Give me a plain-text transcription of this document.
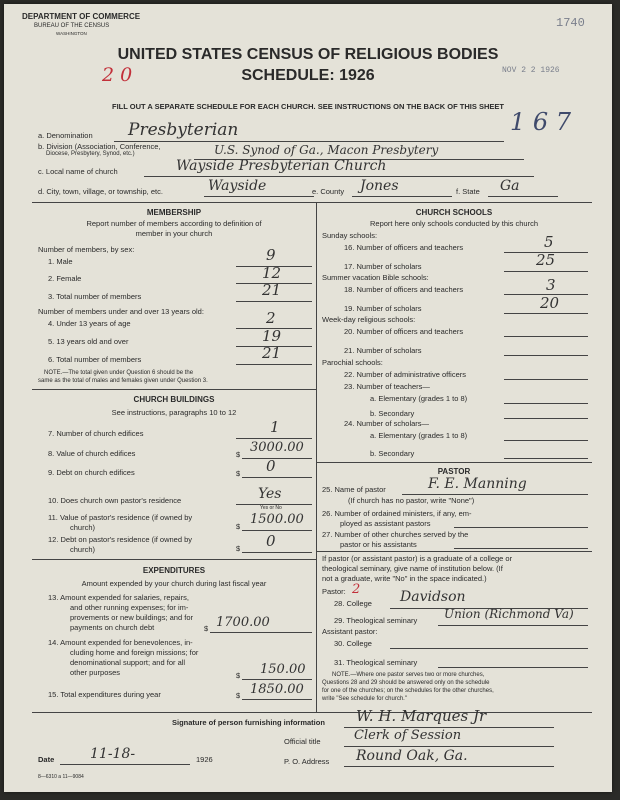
DEPARTMENT OF COMMERCE
BUREAU OF THE CENSUS
WASHINGTON
1740
UNITED STATES CENSUS OF RELIGIOUS BODIES
SCHEDULE: 1926
2 0	NOV 2 2 1926
FILL OUT A SEPARATE SCHEDULE FOR EACH CHURCH. SEE INSTRUCTIONS ON THE BACK OF THIS SHEET
1 6 7
a. Denomination Presbyterian
b. Division (Association, Conference,
Diocese, Presbytery, Synod, etc.)	U.S. Synod of Ga., Macon Presbytery
c. Local name of church	Wayside Presbyterian Church
d. City, town, village, or township, etc.	Wayside	e. County Jones	f. State Ga
MEMBERSHIP
Report number of members according to definition of
member in your church
Number of members, by sex:
1. Male	9
2. Female	12
3. Total number of members	21
Number of members under and over 13 years old:
4. Under 13 years of age	2
5. 13 years old and over	19
6. Total number of members	21
NOTE.—The total given under Question 6 should be the
same as the total of males and females given under Question 3.
CHURCH BUILDINGS
See instructions, paragraphs 10 to 12
7. Number of church edifices	1
8. Value of church edifices	$ 3000.00
9. Debt on church edifices	$ 0
10. Does church own pastor's residence	Yes
Yes or No
11. Value of pastor's residence (if owned by
church)	$ 1500.00
12. Debt on pastor's residence (if owned by
church)	$ 0
EXPENDITURES
Amount expended by your church during last fiscal year
13. Amount expended for salaries, repairs,
and other running expenses; for im-
provements or new buildings; and for
payments on church debt	$ 1700.00
14. Amount expended for benevolences, in-
cluding home and foreign missions; for
denominational support; and for all
other purposes	$ 150.00
15. Total expenditures during year	$ 1850.00
CHURCH SCHOOLS
Report here only schools conducted by this church
Sunday schools:
16. Number of officers and teachers	5
17. Number of scholars	25
Summer vacation Bible schools:
18. Number of officers and teachers	3
19. Number of scholars	20
Week-day religious schools:
20. Number of officers and teachers
21. Number of scholars
Parochial schools:
22. Number of administrative officers
23. Number of teachers—
a. Elementary (grades 1 to 8)
b. Secondary
24. Number of scholars—
a. Elementary (grades 1 to 8)
b. Secondary
PASTOR
25. Name of pastor	F. E. Manning
(If church has no pastor, write "None")
26. Number of ordained ministers, if any, em-
ployed as assistant pastors
27. Number of other churches served by the
pastor or his assistants
If pastor (or assistant pastor) is a graduate of a college or
theological seminary, give name of institution below. (If
not a graduate, write "No" in the space indicated.)
Pastor: 2
28. College Davidson
29. Theological seminary Union (Richmond Va)
Assistant pastor:
30. College
31. Theological seminary
NOTE.—Where one pastor serves two or more churches,
Questions 28 and 29 should be answered only on the schedule
for one of the churches; on the schedules for the other churches,
write "See schedule for church."
Signature of person furnishing information W. H. Marques Jr
Official title	Clerk of Session
Date	11-18-	1926	P. O. Address Round Oak, Ga.
8—6310 a 11—9084
